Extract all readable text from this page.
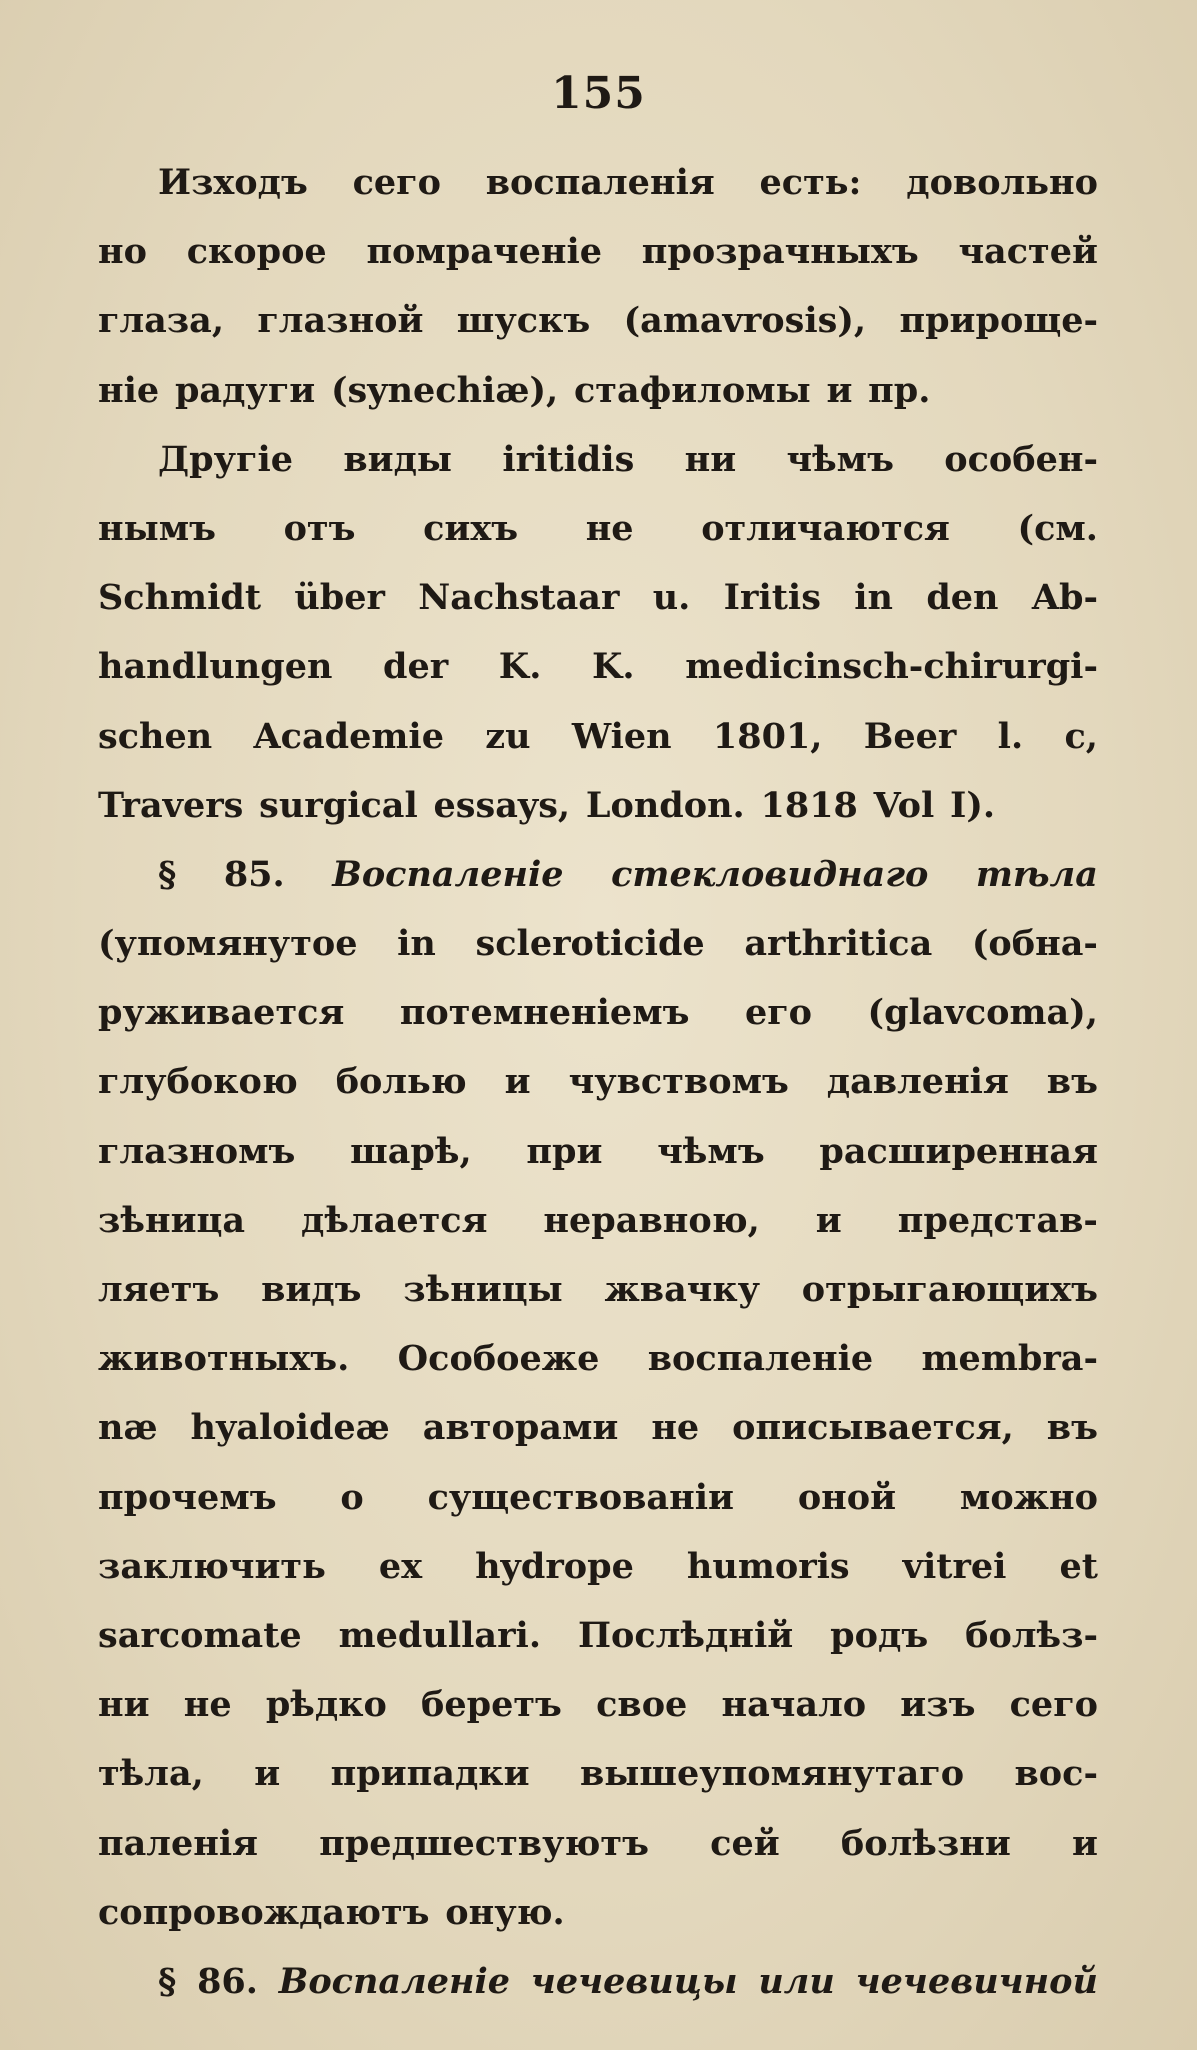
155
Изходъ сего воспаленія есть: довольно
но скорое помраченіе прозрачныхъ частей
глаза, глазной шускъ (amavrosis), прироще-
ніе радуги (synechiæ), стафиломы и пр.
Другіе виды iritidis ни чѣмъ особен-
нымъ отъ сихъ не отличаются (см.
Schmidt über Nachstaar u. Iritis in den Ab-
handlungen der K. K. medicinsch-chirurgi-
schen Academie zu Wien 1801, Beer l. c,
Travers surgical essays, London. 1818 Vol I).
§ 85. Воспаленіе стекловиднаго тѣла
(упомянутое in scleroticide arthritica (обна-
руживается потемненіемъ его (glavcoma),
глубокою болью и чувствомъ давленія въ
глазномъ шарѣ, при чѣмъ расширенная
зѣница дѣлается неравною, и представ-
ляетъ видъ зѣницы жвачку отрыгающихъ
животныхъ. Особоеже воспаленіе membra-
næ hyaloideæ авторами не описывается, въ
прочемъ о существованіи оной можно
заключить ex hydrope humoris vitrei et
sarcomate medullari. Послѣдній родъ болѣз-
ни не рѣдко беретъ свое начало изъ сего
тѣла, и припадки вышеупомянутаго вос-
паленія предшествуютъ сей болѣзни и
сопровождаютъ оную.
§ 86. Воспаленіе чечевицы или чечевичной
